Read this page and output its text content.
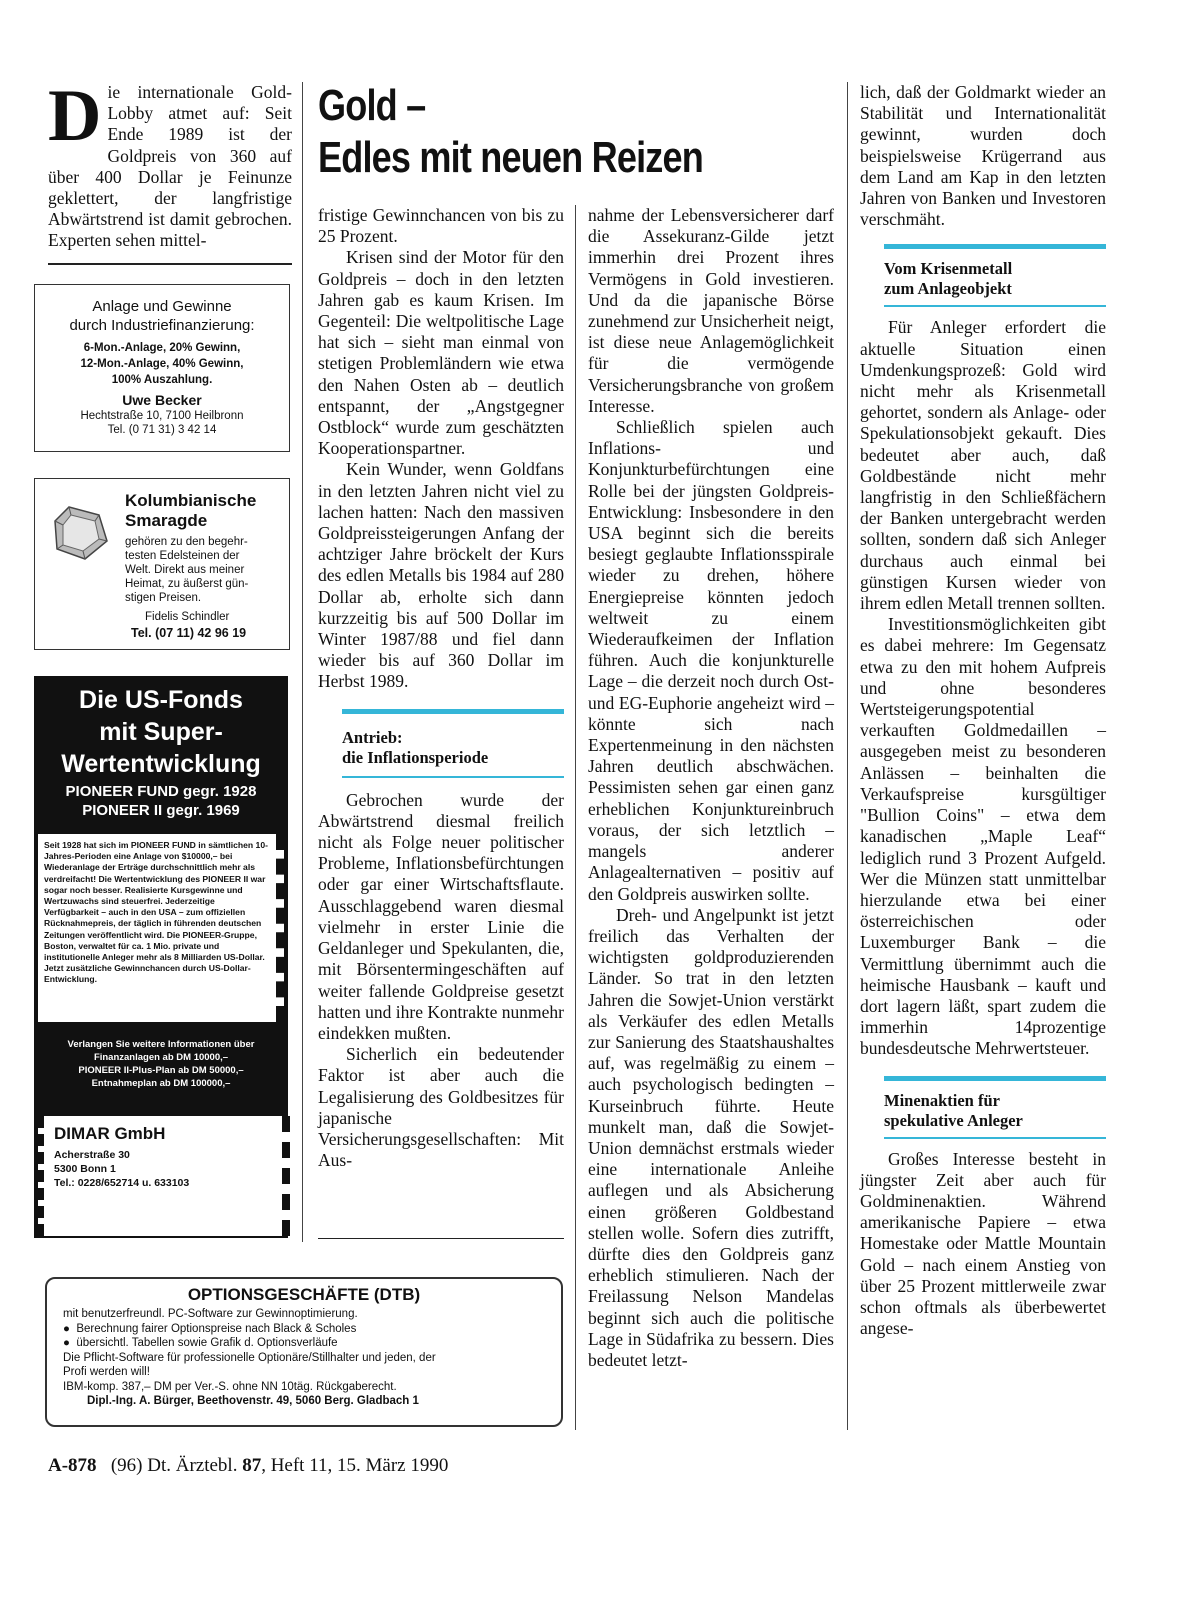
Die internationale Gold-Lobby atmet auf: Seit Ende 1989 ist der Goldpreis von 360 auf über 400 Dollar je Feinunze geklettert, der langfristige Abwärtstrend ist damit gebrochen. Experten sehen mittel-
Gold –
Edles mit neuen Reizen

fristige Gewinnchancen von bis zu 25 Prozent.

Krisen sind der Motor für den Goldpreis – doch in den letzten Jahren gab es kaum Krisen. Im Gegenteil: Die weltpolitische Lage hat sich – sieht man einmal von stetigen Problemländern wie etwa den Nahen Osten ab – deutlich entspannt, der „Angstgegner Ostblock“ wurde zum geschätzten Kooperationspartner.

Kein Wunder, wenn Goldfans in den letzten Jahren nicht viel zu lachen hatten: Nach den massiven Goldpreissteigerungen Anfang der achtziger Jahre bröckelt der Kurs des edlen Metalls bis 1984 auf 280 Dollar ab, erholte sich dann kurzzeitig bis auf 500 Dollar im Winter 1987/88 und fiel dann wieder bis auf 360 Dollar im Herbst 1989.

Antrieb:
die Inflationsperiode

Gebrochen wurde der Abwärtstrend diesmal freilich nicht als Folge neuer politischer Probleme, Inflationsbefürchtungen oder gar einer Wirtschaftsflaute. Ausschlaggebend waren diesmal vielmehr in erster Linie die Geldanleger und Spekulanten, die, mit Börsentermingeschäften auf weiter fallende Goldpreise gesetzt hatten und ihre Kontrakte nunmehr eindekken mußten.

Sicherlich ein bedeutender Faktor ist aber auch die Legalisierung des Goldbesitzes für japanische Versicherungsgesellschaften: Mit Aus-

nahme der Lebensversicherer darf die Assekuranz-Gilde jetzt immerhin drei Prozent ihres Vermögens in Gold investieren. Und da die japanische Börse zunehmend zur Unsicherheit neigt, ist diese neue Anlagemöglichkeit für die vermögende Versicherungsbranche von großem Interesse.

Schließlich spielen auch Inflations- und Konjunkturbefürchtungen eine Rolle bei der jüngsten Goldpreis-Entwicklung: Insbesondere in den USA beginnt sich die bereits besiegt geglaubte Inflationsspirale wieder zu drehen, höhere Energiepreise könnten jedoch weltweit zu einem Wiederaufkeimen der Inflation führen. Auch die konjunkturelle Lage – die derzeit noch durch Ost- und EG-Euphorie angeheizt wird – könnte sich nach Expertenmeinung in den nächsten Jahren deutlich abschwächen. Pessimisten sehen gar einen ganz erheblichen Konjunktureinbruch voraus, der sich letztlich – mangels anderer Anlagealternativen – positiv auf den Goldpreis auswirken sollte.

Dreh- und Angelpunkt ist jetzt freilich das Verhalten der wichtigsten goldproduzierenden Länder. So trat in den letzten Jahren die Sowjet-Union verstärkt als Verkäufer des edlen Metalls zur Sanierung des Staatshaushaltes auf, was regelmäßig zu einem – auch psychologisch bedingten – Kurseinbruch führte. Heute munkelt man, daß die Sowjet-Union demnächst erstmals wieder eine internationale Anleihe auflegen und als Absicherung einen größeren Goldbestand stellen wolle. Sofern dies zutrifft, dürfte dies den Goldpreis ganz erheblich stimulieren. Nach der Freilassung Nelson Mandelas beginnt sich auch die politische Lage in Südafrika zu bessern. Dies bedeutet letzt-

lich, daß der Goldmarkt wieder an Stabilität und Internationalität gewinnt, wurden doch beispielsweise Krügerrand aus dem Land am Kap in den letzten Jahren von Banken und Investoren verschmäht.

Vom Krisenmetall
zum Anlageobjekt

Für Anleger erfordert die aktuelle Situation einen Umdenkungsprozeß: Gold wird nicht mehr als Krisenmetall gehortet, sondern als Anlage- oder Spekulationsobjekt gekauft. Dies bedeutet aber auch, daß Goldbestände nicht mehr langfristig in den Schließfächern der Banken untergebracht werden sollten, sondern daß sich Anleger durchaus auch einmal bei günstigen Kursen wieder von ihrem edlen Metall trennen sollten.

Investitionsmöglichkeiten gibt es dabei mehrere: Im Gegensatz etwa zu den mit hohem Aufpreis und ohne besonderes Wertsteigerungspotential verkauften Goldmedaillen – ausgegeben meist zu besonderen Anlässen – beinhalten die Verkaufspreise kursgültiger "Bullion Coins" – etwa dem kanadischen „Maple Leaf“ lediglich rund 3 Prozent Aufgeld. Wer die Münzen statt unmittelbar hierzulande etwa bei einer österreichischen oder Luxemburger Bank – die Vermittlung übernimmt auch die heimische Hausbank – kauft und dort lagern läßt, spart zudem die immerhin 14prozentige bundesdeutsche Mehrwertsteuer.

Minenaktien für
spekulative Anleger

Großes Interesse besteht in jüngster Zeit aber auch für Goldminenaktien. Während amerikanische Papiere – etwa Homestake oder Mattle Mountain Gold – nach einem Anstieg von über 25 Prozent mittlerweile zwar schon oftmals als überbewertet angese-

Anlage und Gewinne
durch Industriefinanzierung:
6-Mon.-Anlage, 20% Gewinn,
12-Mon.-Anlage, 40% Gewinn,
100% Auszahlung.
Uwe Becker
Hechtstraße 10, 7100 Heilbronn
Tel. (0 71 31) 3 42 14
Kolumbianische
Smaragde
gehören zu den begehr-
testen Edelsteinen der
Welt. Direkt aus meiner
Heimat, zu äußerst gün-
stigen Preisen.
Fidelis Schindler
Tel. (07 11) 42 96 19
Die US-Fonds
mit Super-
Wertentwicklung
PIONEER FUND gegr. 1928
PIONEER II gegr. 1969
Seit 1928 hat sich im PIONEER FUND in sämtlichen 10-Jahres-Perioden eine Anlage von $10000,– bei Wiederanlage der Erträge durchschnittlich mehr als verdreifacht! Die Wertentwicklung des PIONEER II war sogar noch besser. Realisierte Kursgewinne und Wertzuwachs sind steuerfrei. Jederzeitige Verfügbarkeit – auch in den USA – zum offiziellen Rücknahmepreis, der täglich in führenden deutschen Zeitungen veröffentlicht wird. Die PIONEER-Gruppe, Boston, verwaltet für ca. 1 Mio. private und institutionelle Anleger mehr als 8 Milliarden US-Dollar. Jetzt zusätzliche Gewinnchancen durch US-Dollar-Entwicklung.
Verlangen Sie weitere Informationen über
Finanzanlagen ab DM 10000,–
PIONEER II-Plus-Plan ab DM 50000,–
Entnahmeplan ab DM 100000,–
DIMAR GmbH
Acherstraße 30
5300 Bonn 1
Tel.: 0228/652714 u. 633103
OPTIONSGESCHÄFTE (DTB)
mit benutzerfreundl. PC-Software zur Gewinnoptimierung.
●  Berechnung fairer Optionspreise nach Black & Scholes
●  übersichtl. Tabellen sowie Grafik d. Optionsverläufe
Die Pflicht-Software für professionelle Optionäre/Stillhalter und jeden, der
Profi werden will!
IBM-komp. 387,– DM per Ver.-S. ohne NN 10täg. Rückgaberecht.
Dipl.-Ing. A. Bürger, Beethovenstr. 49, 5060 Berg. Gladbach 1
A-878 (96) Dt. Ärztebl. 87, Heft 11, 15. März 1990
